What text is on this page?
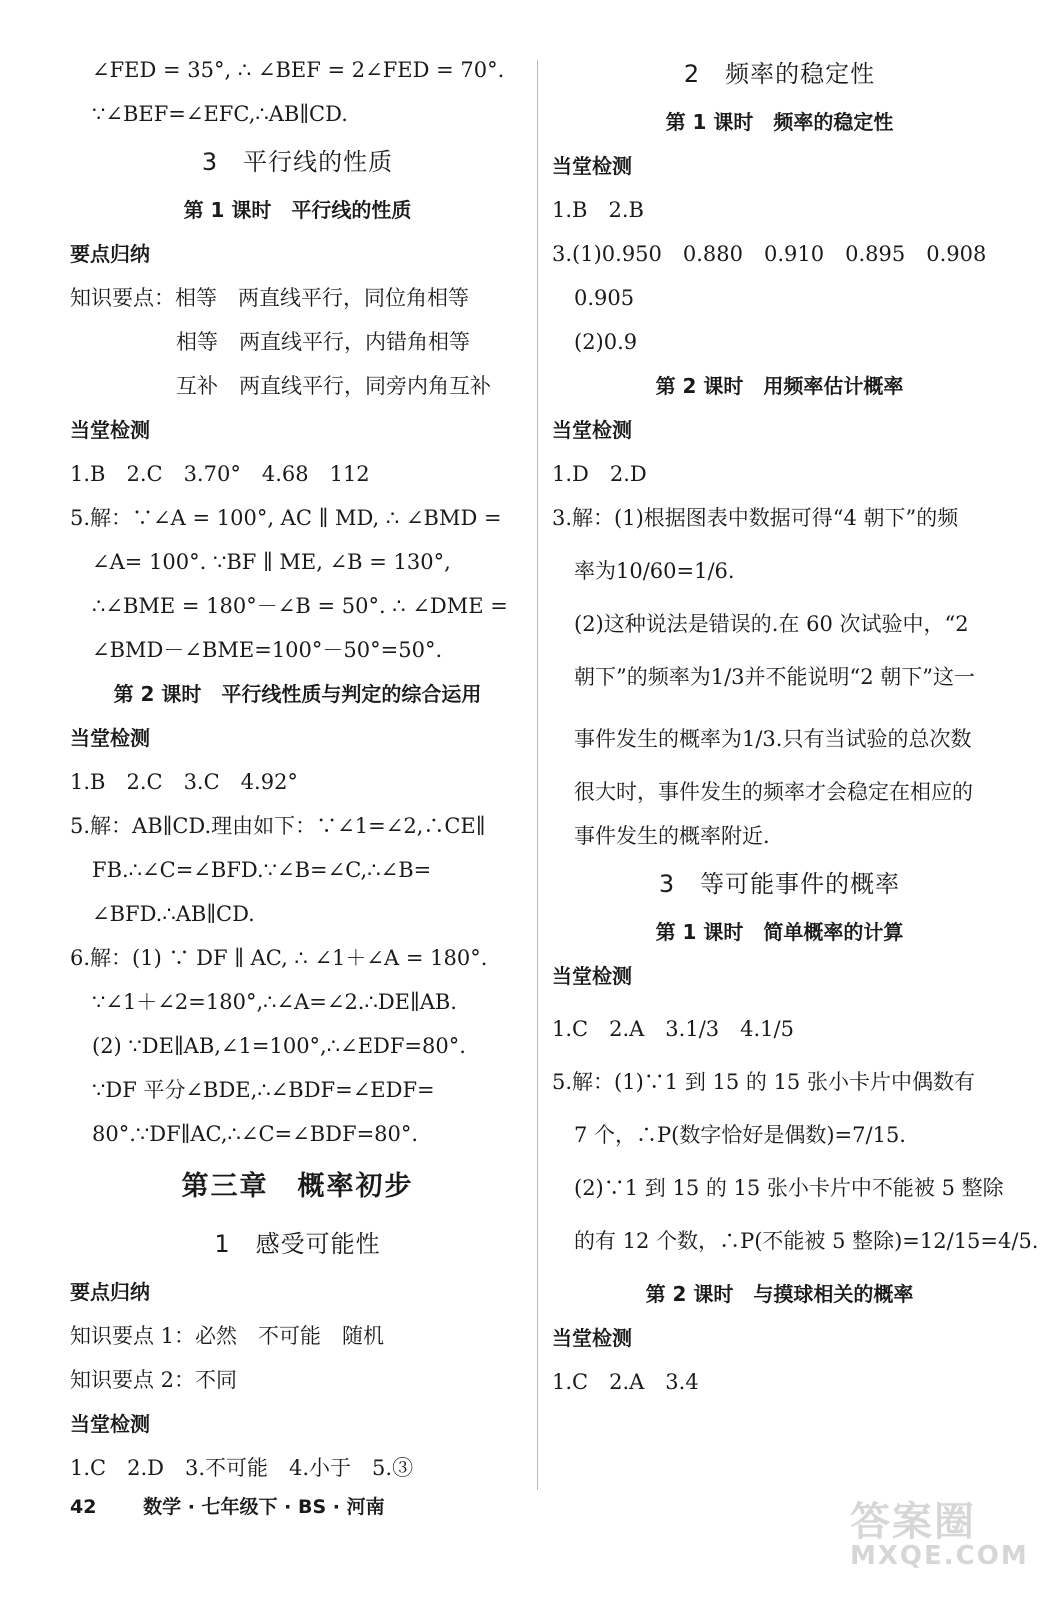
∠FED = 35°, ∴ ∠BEF = 2∠FED = 70°.
∵∠BEF=∠EFC,∴AB∥CD.
3　平行线的性质
第 1 课时　平行线的性质
要点归纳
知识要点：相等　两直线平行，同位角相等
相等　两直线平行，内错角相等
互补　两直线平行，同旁内角互补
当堂检测
1.B　2.C　3.70°　4.68　112
5.解：∵∠A = 100°, AC ∥ MD, ∴ ∠BMD =
∠A= 100°. ∵BF ∥ ME, ∠B = 130°,
∴∠BME = 180°－∠B = 50°. ∴ ∠DME =
∠BMD－∠BME=100°－50°=50°.
第 2 课时　平行线性质与判定的综合运用
当堂检测
1.B　2.C　3.C　4.92°
5.解：AB∥CD.理由如下：∵∠1=∠2,∴CE∥
FB.∴∠C=∠BFD.∵∠B=∠C,∴∠B=
∠BFD.∴AB∥CD.
6.解：(1) ∵ DF ∥ AC, ∴ ∠1＋∠A = 180°.
∵∠1＋∠2=180°,∴∠A=∠2.∴DE∥AB.
(2) ∵DE∥AB,∠1=100°,∴∠EDF=80°.
∵DF 平分∠BDE,∴∠BDF=∠EDF=
80°.∵DF∥AC,∴∠C=∠BDF=80°.
第三章　概率初步
1　感受可能性
要点归纳
知识要点 1：必然　不可能　随机
知识要点 2：不同
当堂检测
1.C　2.D　3.不可能　4.小于　5.③
2　频率的稳定性
第 1 课时　频率的稳定性
当堂检测
1.B　2.B
3.(1)0.950　0.880　0.910　0.895　0.908
0.905
(2)0.9
第 2 课时　用频率估计概率
当堂检测
1.D　2.D
3.解：(1)根据图表中数据可得“4 朝下”的频
率为10/60=1/6.
(2)这种说法是错误的.在 60 次试验中，“2
朝下”的频率为1/3并不能说明“2 朝下”这一
事件发生的概率为1/3.只有当试验的总次数
很大时，事件发生的频率才会稳定在相应的
事件发生的概率附近.
3　等可能事件的概率
第 1 课时　简单概率的计算
当堂检测
1.C　2.A　3.1/3　4.1/5
5.解：(1)∵1 到 15 的 15 张小卡片中偶数有
7 个，∴P(数字恰好是偶数)=7/15.
(2)∵1 到 15 的 15 张小卡片中不能被 5 整除
的有 12 个数，∴P(不能被 5 整除)=12/15=4/5.
第 2 课时　与摸球相关的概率
当堂检测
1.C　2.A　3.4
42 数学 · 七年级下 · BS · 河南	答案圈
MXQE.COM
